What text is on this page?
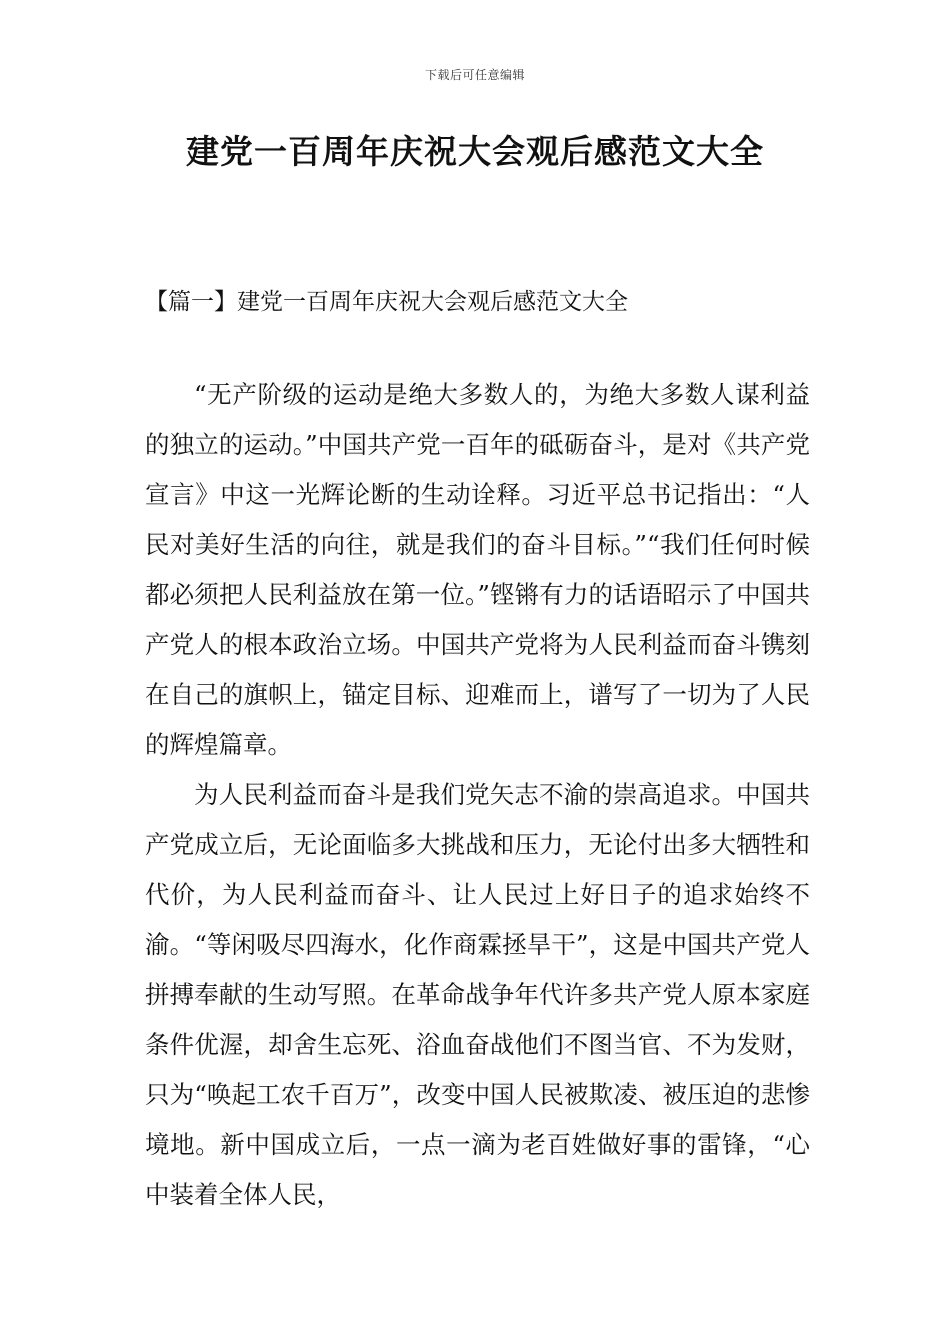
下载后可任意编辑
建党一百周年庆祝大会观后感范文大全
【篇一】建党一百周年庆祝大会观后感范文大全

“无产阶级的运动是绝大多数人的，为绝大多数人谋利益的独立的运动。”中国共产党一百年的砥砺奋斗，是对《共产党宣言》中这一光辉论断的生动诠释。习近平总书记指出：“人民对美好生活的向往，就是我们的奋斗目标。”“我们任何时候都必须把人民利益放在第一位。”铿锵有力的话语昭示了中国共产党人的根本政治立场。中国共产党将为人民利益而奋斗镌刻在自己的旗帜上，锚定目标、迎难而上，谱写了一切为了人民的辉煌篇章。

为人民利益而奋斗是我们党矢志不渝的崇高追求。中国共产党成立后，无论面临多大挑战和压力，无论付出多大牺牲和代价，为人民利益而奋斗、让人民过上好日子的追求始终不渝。“等闲吸尽四海水，化作商霖拯旱干”，这是中国共产党人拼搏奉献的生动写照。在革命战争年代许多共产党人原本家庭条件优渥，却舍生忘死、浴血奋战他们不图当官、不为发财，只为“唤起工农千百万”，改变中国人民被欺凌、被压迫的悲惨境地。新中国成立后，一点一滴为老百姓做好事的雷锋，“心中装着全体人民，
